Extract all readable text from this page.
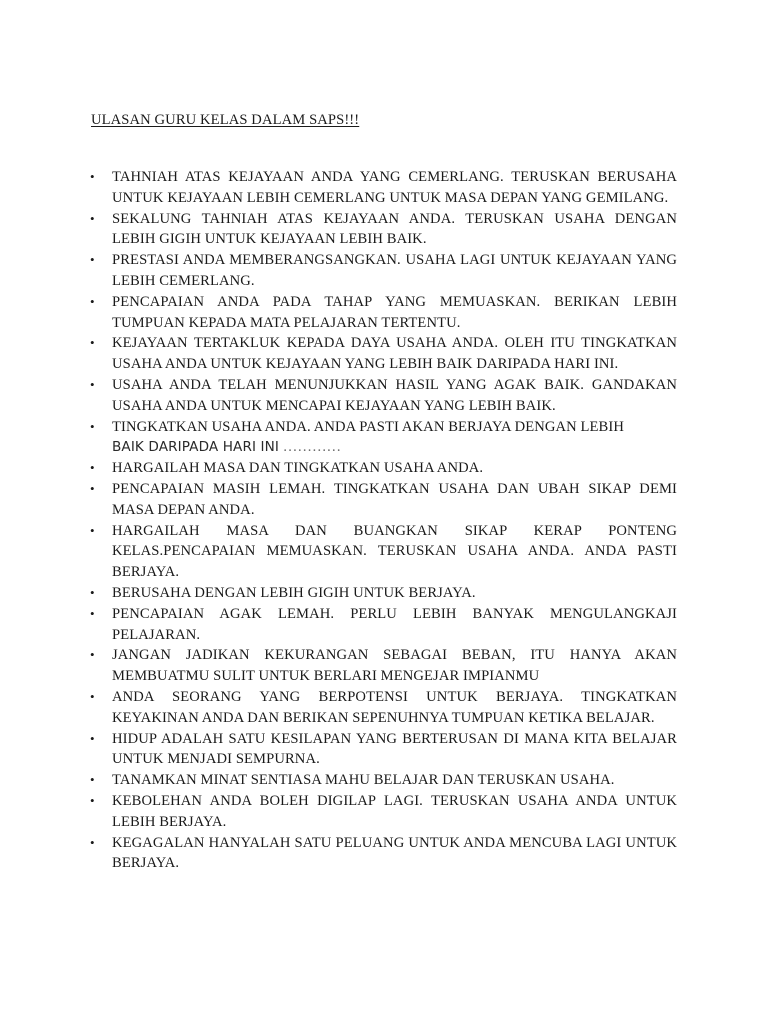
ULASAN GURU KELAS DALAM SAPS!!!
•	TAHNIAH ATAS KEJAYAAN ANDA YANG CEMERLANG. TERUSKAN BERUSAHA UNTUK KEJAYAAN LEBIH CEMERLANG UNTUK MASA DEPAN YANG GEMILANG.
•	SEKALUNG TAHNIAH ATAS KEJAYAAN ANDA. TERUSKAN USAHA DENGAN LEBIH GIGIH UNTUK KEJAYAAN LEBIH BAIK.
•	PRESTASI ANDA MEMBERANGSANGKAN. USAHA LAGI UNTUK KEJAYAAN YANG LEBIH CEMERLANG.
•	PENCAPAIAN ANDA PADA TAHAP YANG MEMUASKAN. BERIKAN LEBIH TUMPUAN KEPADA MATA PELAJARAN TERTENTU.
•	KEJAYAAN TERTAKLUK KEPADA DAYA USAHA ANDA. OLEH ITU TINGKATKAN USAHA ANDA UNTUK KEJAYAAN YANG LEBIH BAIK DARIPADA HARI INI.
•	USAHA ANDA TELAH MENUNJUKKAN HASIL YANG AGAK BAIK. GANDAKAN USAHA ANDA UNTUK MENCAPAI KEJAYAAN YANG LEBIH BAIK.
•	TINGKATKAN USAHA ANDA. ANDA PASTI AKAN BERJAYA DENGAN LEBIH
BAIK DARIPADA HARI INI …………
•	HARGAILAH MASA DAN TINGKATKAN USAHA ANDA.
•	PENCAPAIAN MASIH LEMAH. TINGKATKAN USAHA DAN UBAH SIKAP DEMI MASA DEPAN ANDA.
•	HARGAILAH MASA DAN BUANGKAN SIKAP KERAP PONTENG KELAS.PENCAPAIAN MEMUASKAN. TERUSKAN USAHA ANDA. ANDA PASTI BERJAYA.
•	BERUSAHA DENGAN LEBIH GIGIH UNTUK BERJAYA.
•	PENCAPAIAN AGAK LEMAH. PERLU LEBIH BANYAK MENGULANGKAJI PELAJARAN.
•	JANGAN JADIKAN KEKURANGAN SEBAGAI BEBAN, ITU HANYA AKAN MEMBUATMU SULIT UNTUK BERLARI MENGEJAR IMPIANMU
•	ANDA SEORANG YANG BERPOTENSI UNTUK BERJAYA. TINGKATKAN KEYAKINAN ANDA DAN BERIKAN SEPENUHNYA TUMPUAN KETIKA BELAJAR.
•	HIDUP ADALAH SATU KESILAPAN YANG BERTERUSAN DI MANA KITA BELAJAR UNTUK MENJADI SEMPURNA.
•	TANAMKAN MINAT SENTIASA MAHU BELAJAR DAN TERUSKAN USAHA.
•	KEBOLEHAN ANDA BOLEH DIGILAP LAGI. TERUSKAN USAHA ANDA UNTUK LEBIH BERJAYA.
•	KEGAGALAN HANYALAH SATU PELUANG UNTUK ANDA MENCUBA LAGI UNTUK BERJAYA.
